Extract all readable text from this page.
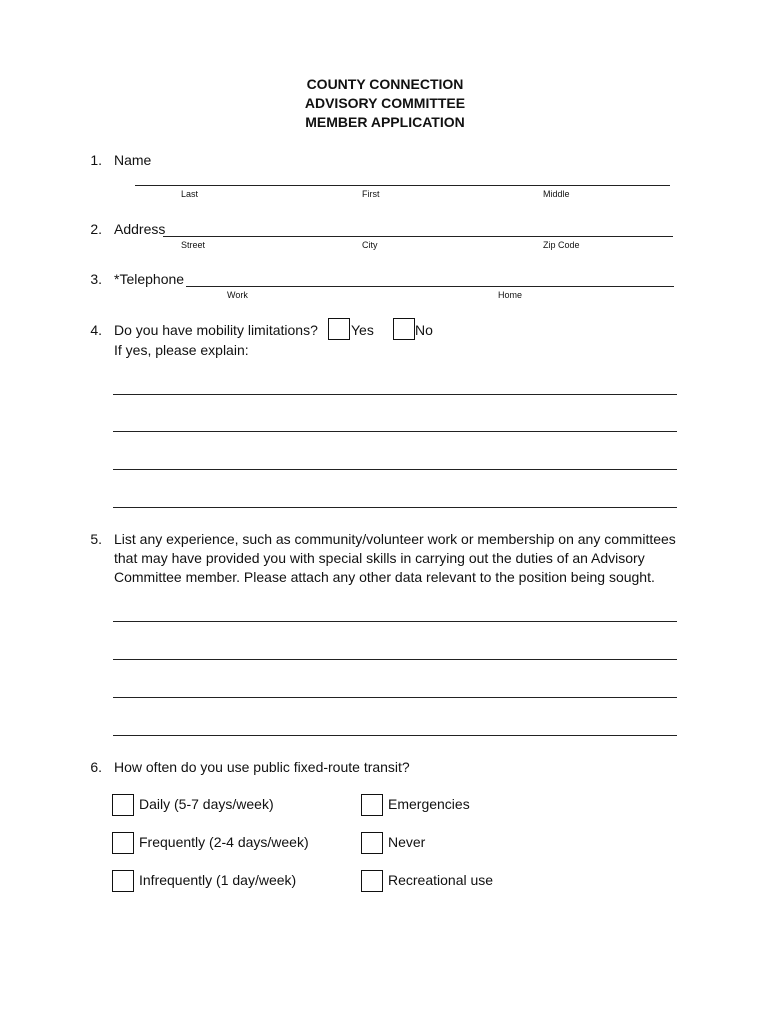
COUNTY CONNECTION
ADVISORY COMMITTEE
MEMBER APPLICATION
1. Name
Last	First	Middle
2. Address
Street	City	Zip Code
3. *Telephone
Work	Home
4. Do you have mobility limitations? Yes	No
If yes, please explain:
5. List any experience, such as community/volunteer work or membership on any committees
that may have provided you with special skills in carrying out the duties of an Advisory
Committee member. Please attach any other data relevant to the position being sought.
6. How often do you use public fixed-route transit?
Daily (5-7 days/week)	Emergencies
Frequently (2-4 days/week)	Never
Infrequently (1 day/week)	Recreational use
